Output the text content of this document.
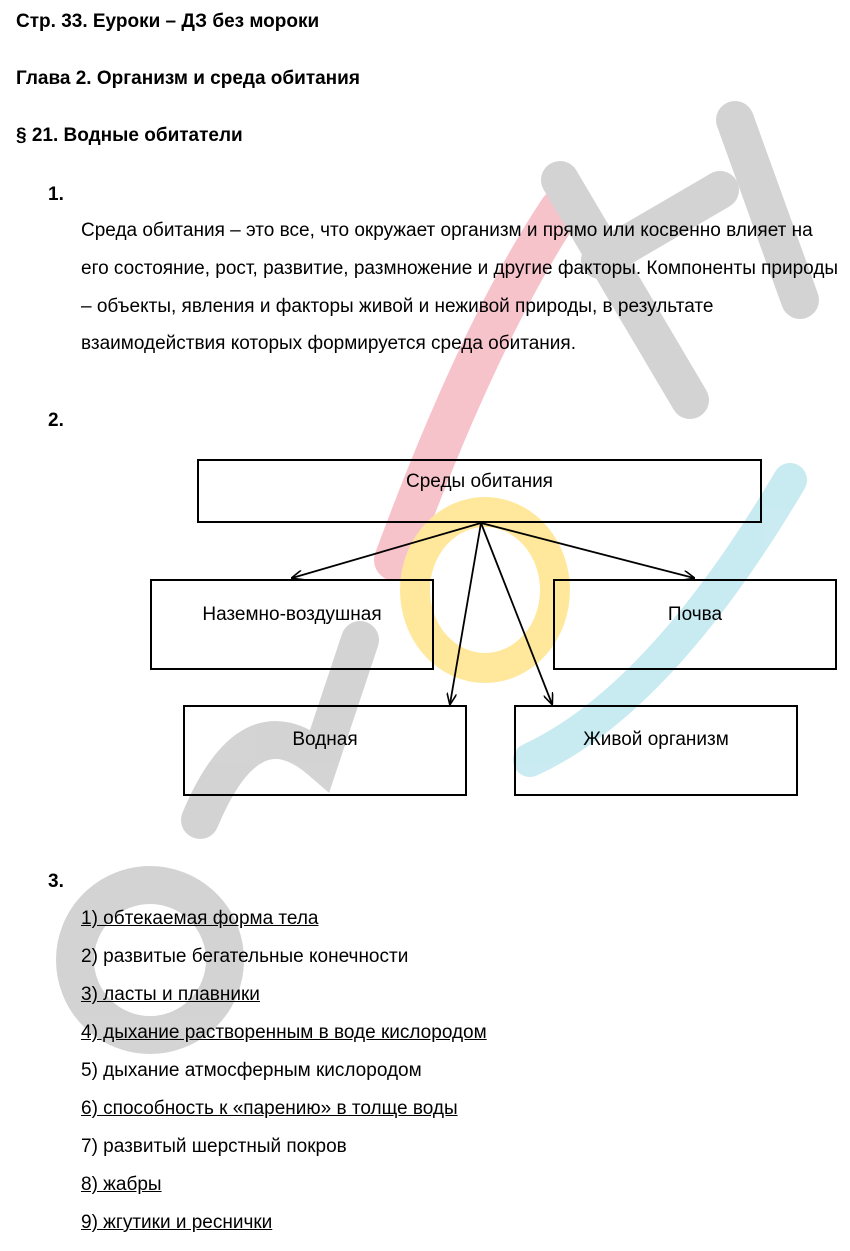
Стр. 33. Еуроки – ДЗ без мороки
Глава 2. Организм и среда обитания
§ 21. Водные обитатели
1.

Среда обитания – это все, что окружает организм и прямо или косвенно влияет на его состояние, рост, развитие, размножение и другие факторы. Компоненты природы – объекты, явления и факторы живой и неживой природы, в результате взаимодействия которых формируется среда обитания.

2.
Среды обитания
Наземно-воздушная	Почва
Водная	Живой организм
3.
1) обтекаемая форма тела
2) развитые бегательные конечности
3) ласты и плавники
4) дыхание растворенным в воде кислородом
5) дыхание атмосферным кислородом
6) способность к «парению» в толще воды
7) развитый шерстный покров
8) жабры
9) жгутики и реснички
